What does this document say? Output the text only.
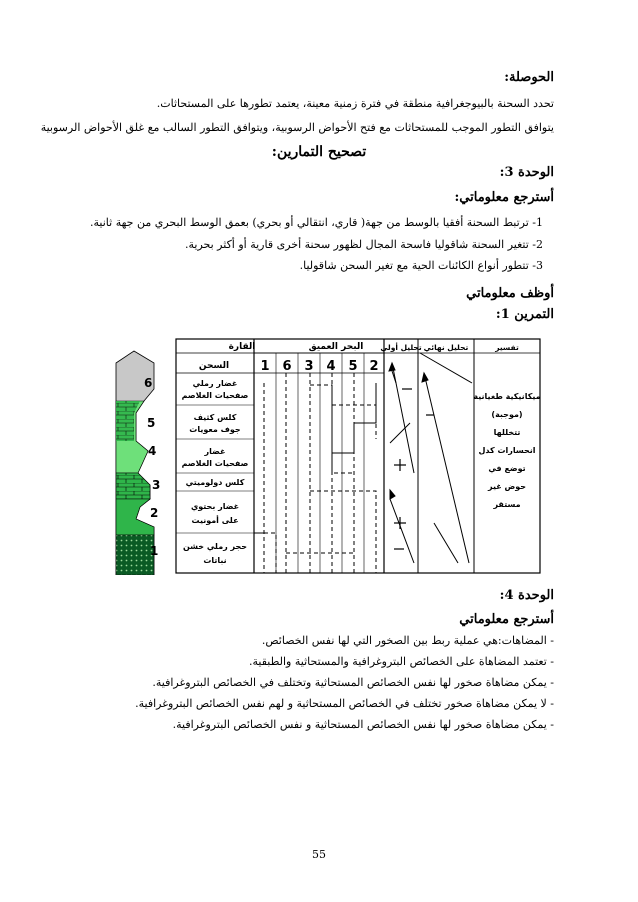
الحوصلة:
تحدد السحنة بالبيوجغرافية منطقة في فترة زمنية معينة، يعتمد تطورها على المستحاثات.
يتوافق التطور الموجب للمستحاثات مع فتح الأحواض الرسوبية، ويتوافق التطور السالب مع غلق الأحواض الرسوبية
تصحيح التمارين:
الوحدة 3:
أسترجع معلوماتي:
1- ترتبط السحنة أفقيا بالوسط من جهة( قاري، انتقالي أو بحري) بعمق الوسط البحري من جهة ثانية.
2- تتغير السحنة شاقوليا فاسحة المجال لظهور سحنة أخرى قارية أو أكثر بحرية.
3- تتطور أنواع الكائنات الحية مع تغير السحن شاقوليا.
أوظف معلوماتي
التمرين 1:
6
5
4
3
2
1
القارة	البحر العميق
السحن
تحليل أولي تحليل نهائي	تفسير
1 6 3 4 5 2
غضار رملي
صفحيات الغلاصم
كلس كثيف
جوف معويات
غضار
صفحيات الغلاصم
كلس دولوميتي
غضار بحتوي
على أمونيت
حجر رملي خشن
نباتات
ميكانيكية طغيانية
(موجبة)
تتخللها
انحسارات كدل
توضع في
حوض غير
مستقر
الوحدة 4:
أسترجع معلوماتي
- المضاهات:هي عملية ربط بين الصخور التي لها نفس الخصائص.
- تعتمد المضاهاة على الخصائص البتروغرافية والمستحاثية والطبقية.
- يمكن مضاهاة صخور لها نفس الخصائص المستحاثية وتختلف في الخصائص البتروغرافية.
- لا يمكن مضاهاة صخور تختلف في الخصائص المستحاثية و لهم نفس الخصائص البتروغرافية.
- يمكن مضاهاة صخور لها نفس الخصائص المستحاثية و نفس الخصائص البتروغرافية.
55
